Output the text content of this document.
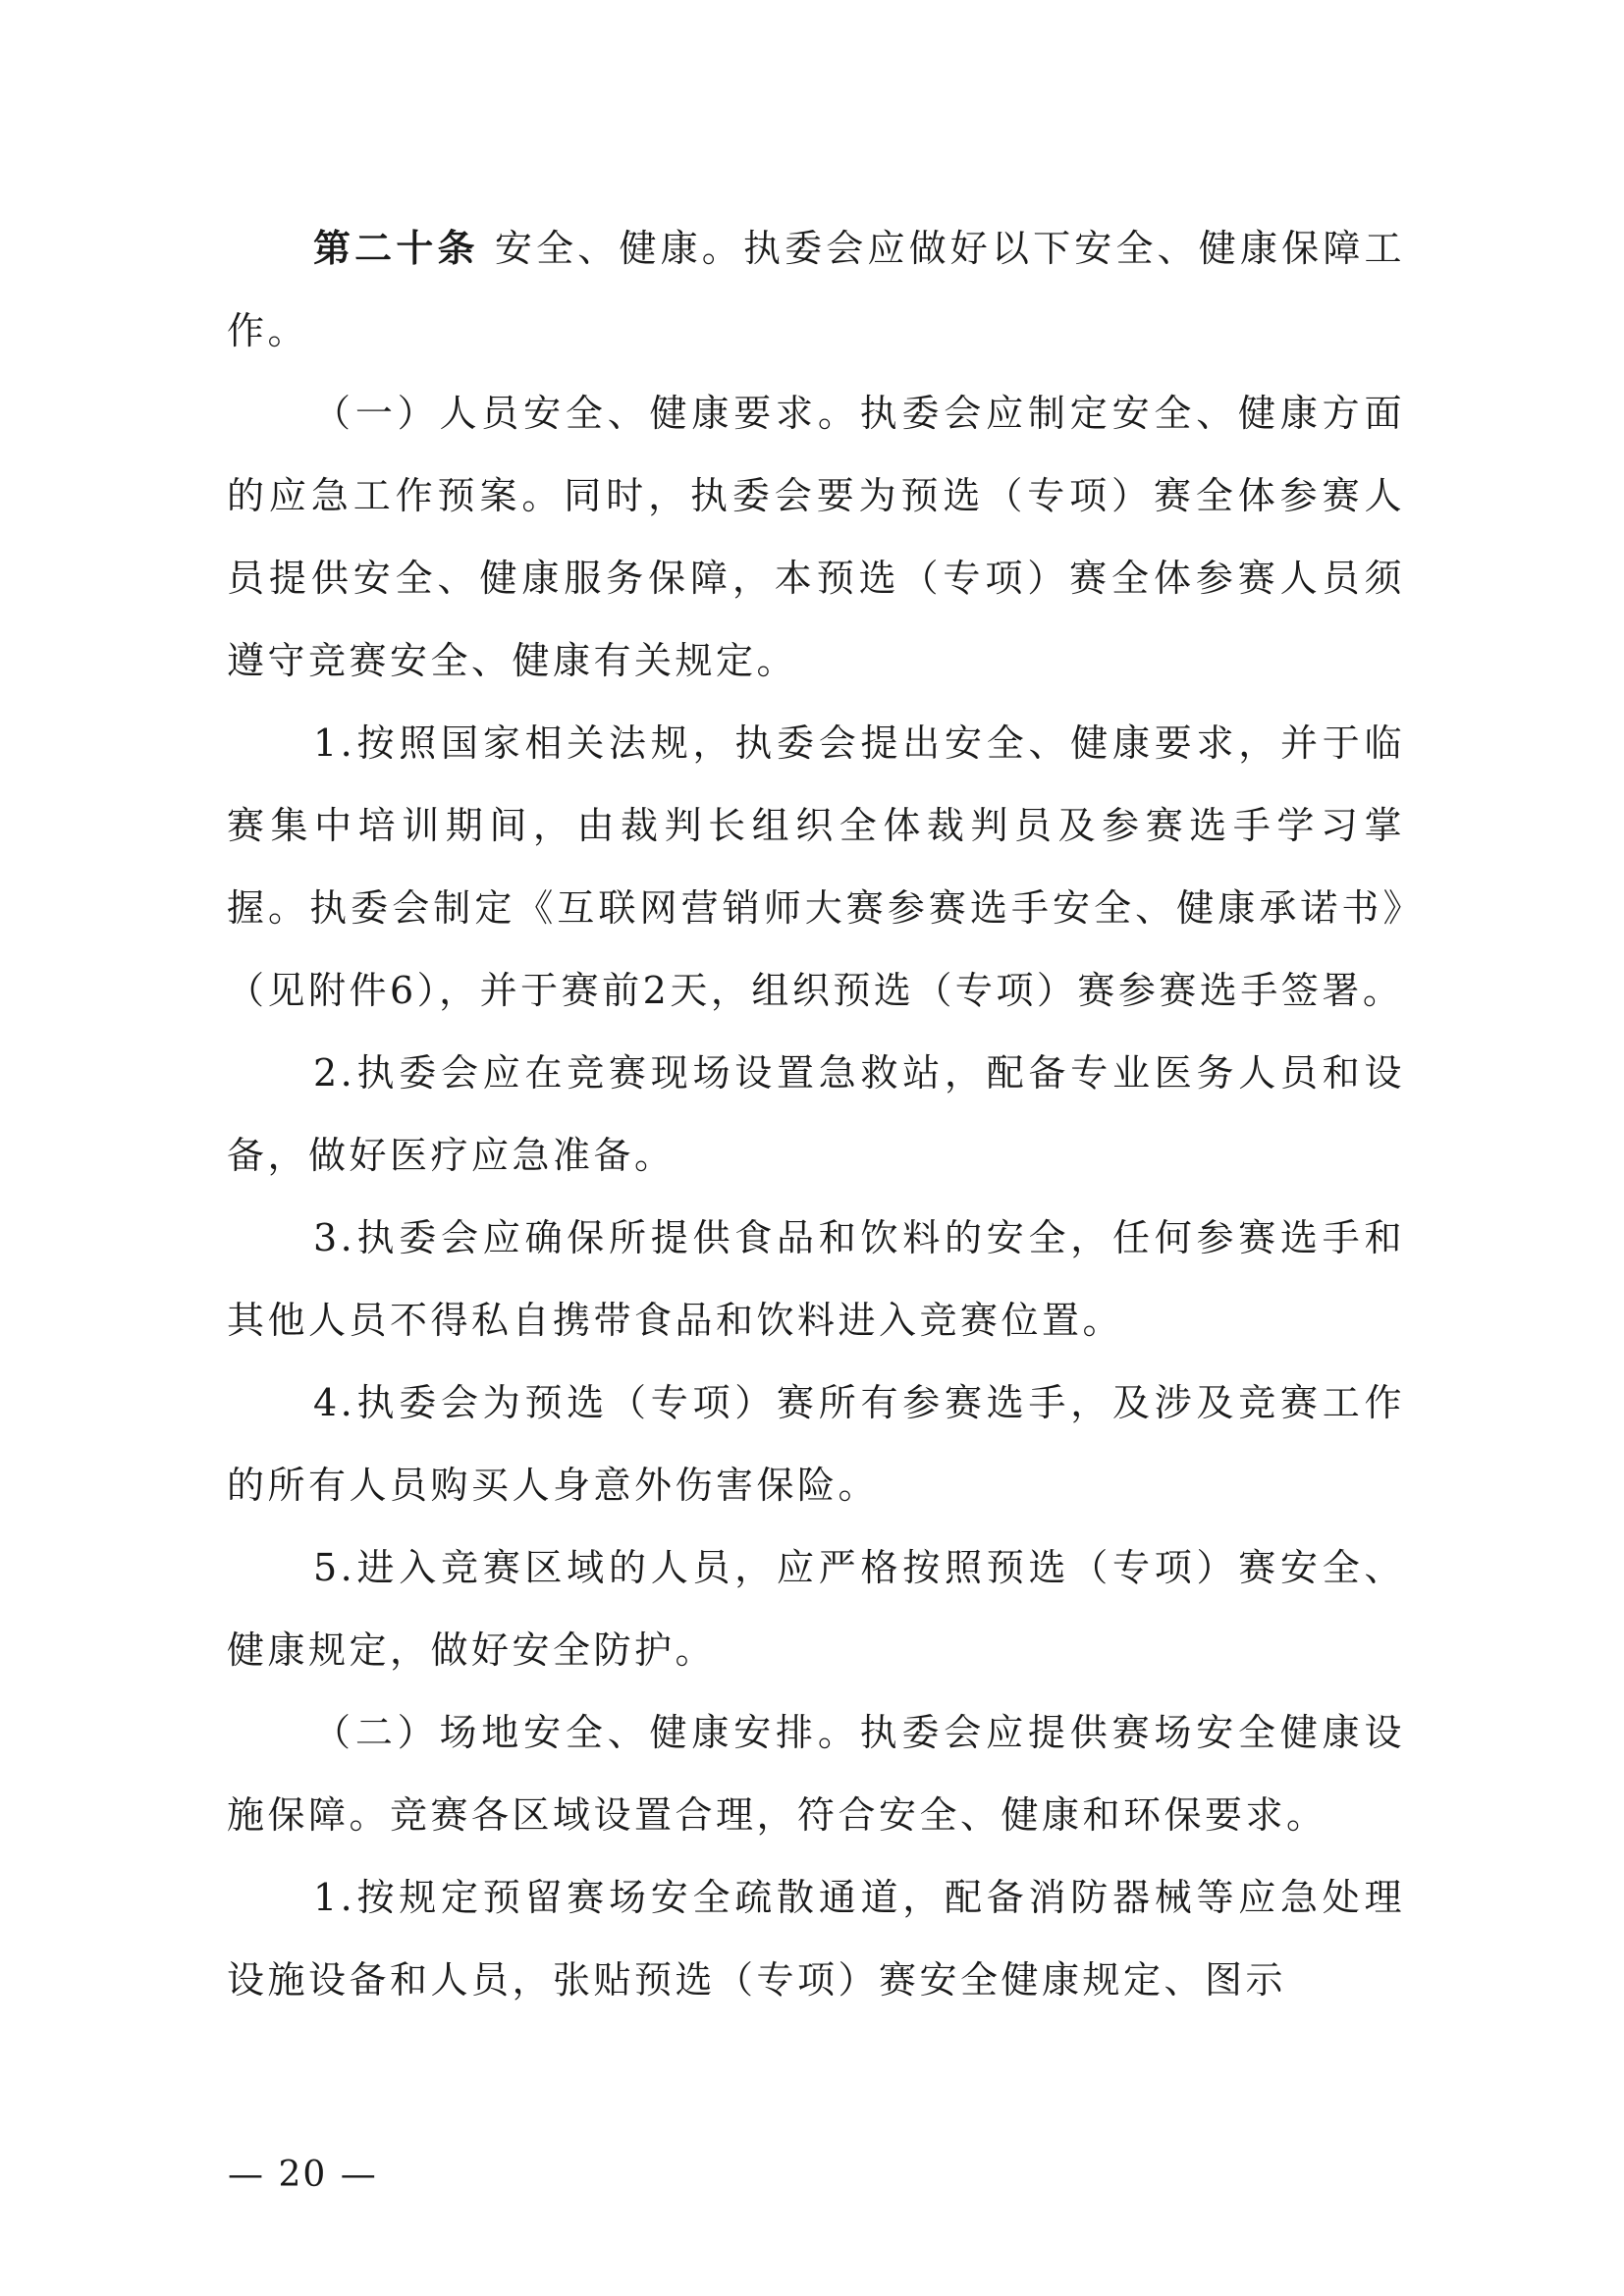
第二十条 安全、健康。执委会应做好以下安全、健康保障工作。

（一）人员安全、健康要求。执委会应制定安全、健康方面的应急工作预案。同时，执委会要为预选（专项）赛全体参赛人员提供安全、健康服务保障，本预选（专项）赛全体参赛人员须遵守竞赛安全、健康有关规定。

1.按照国家相关法规，执委会提出安全、健康要求，并于临赛集中培训期间，由裁判长组织全体裁判员及参赛选手学习掌握。执委会制定《互联网营销师大赛参赛选手安全、健康承诺书》（见附件6），并于赛前2天，组织预选（专项）赛参赛选手签署。

2.执委会应在竞赛现场设置急救站，配备专业医务人员和设备，做好医疗应急准备。

3.执委会应确保所提供食品和饮料的安全，任何参赛选手和其他人员不得私自携带食品和饮料进入竞赛位置。

4.执委会为预选（专项）赛所有参赛选手，及涉及竞赛工作的所有人员购买人身意外伤害保险。

5.进入竞赛区域的人员，应严格按照预选（专项）赛安全、健康规定，做好安全防护。

（二）场地安全、健康安排。执委会应提供赛场安全健康设施保障。竞赛各区域设置合理，符合安全、健康和环保要求。

1.按规定预留赛场安全疏散通道，配备消防器械等应急处理设施设备和人员，张贴预选（专项）赛安全健康规定、图示

— 20 —
